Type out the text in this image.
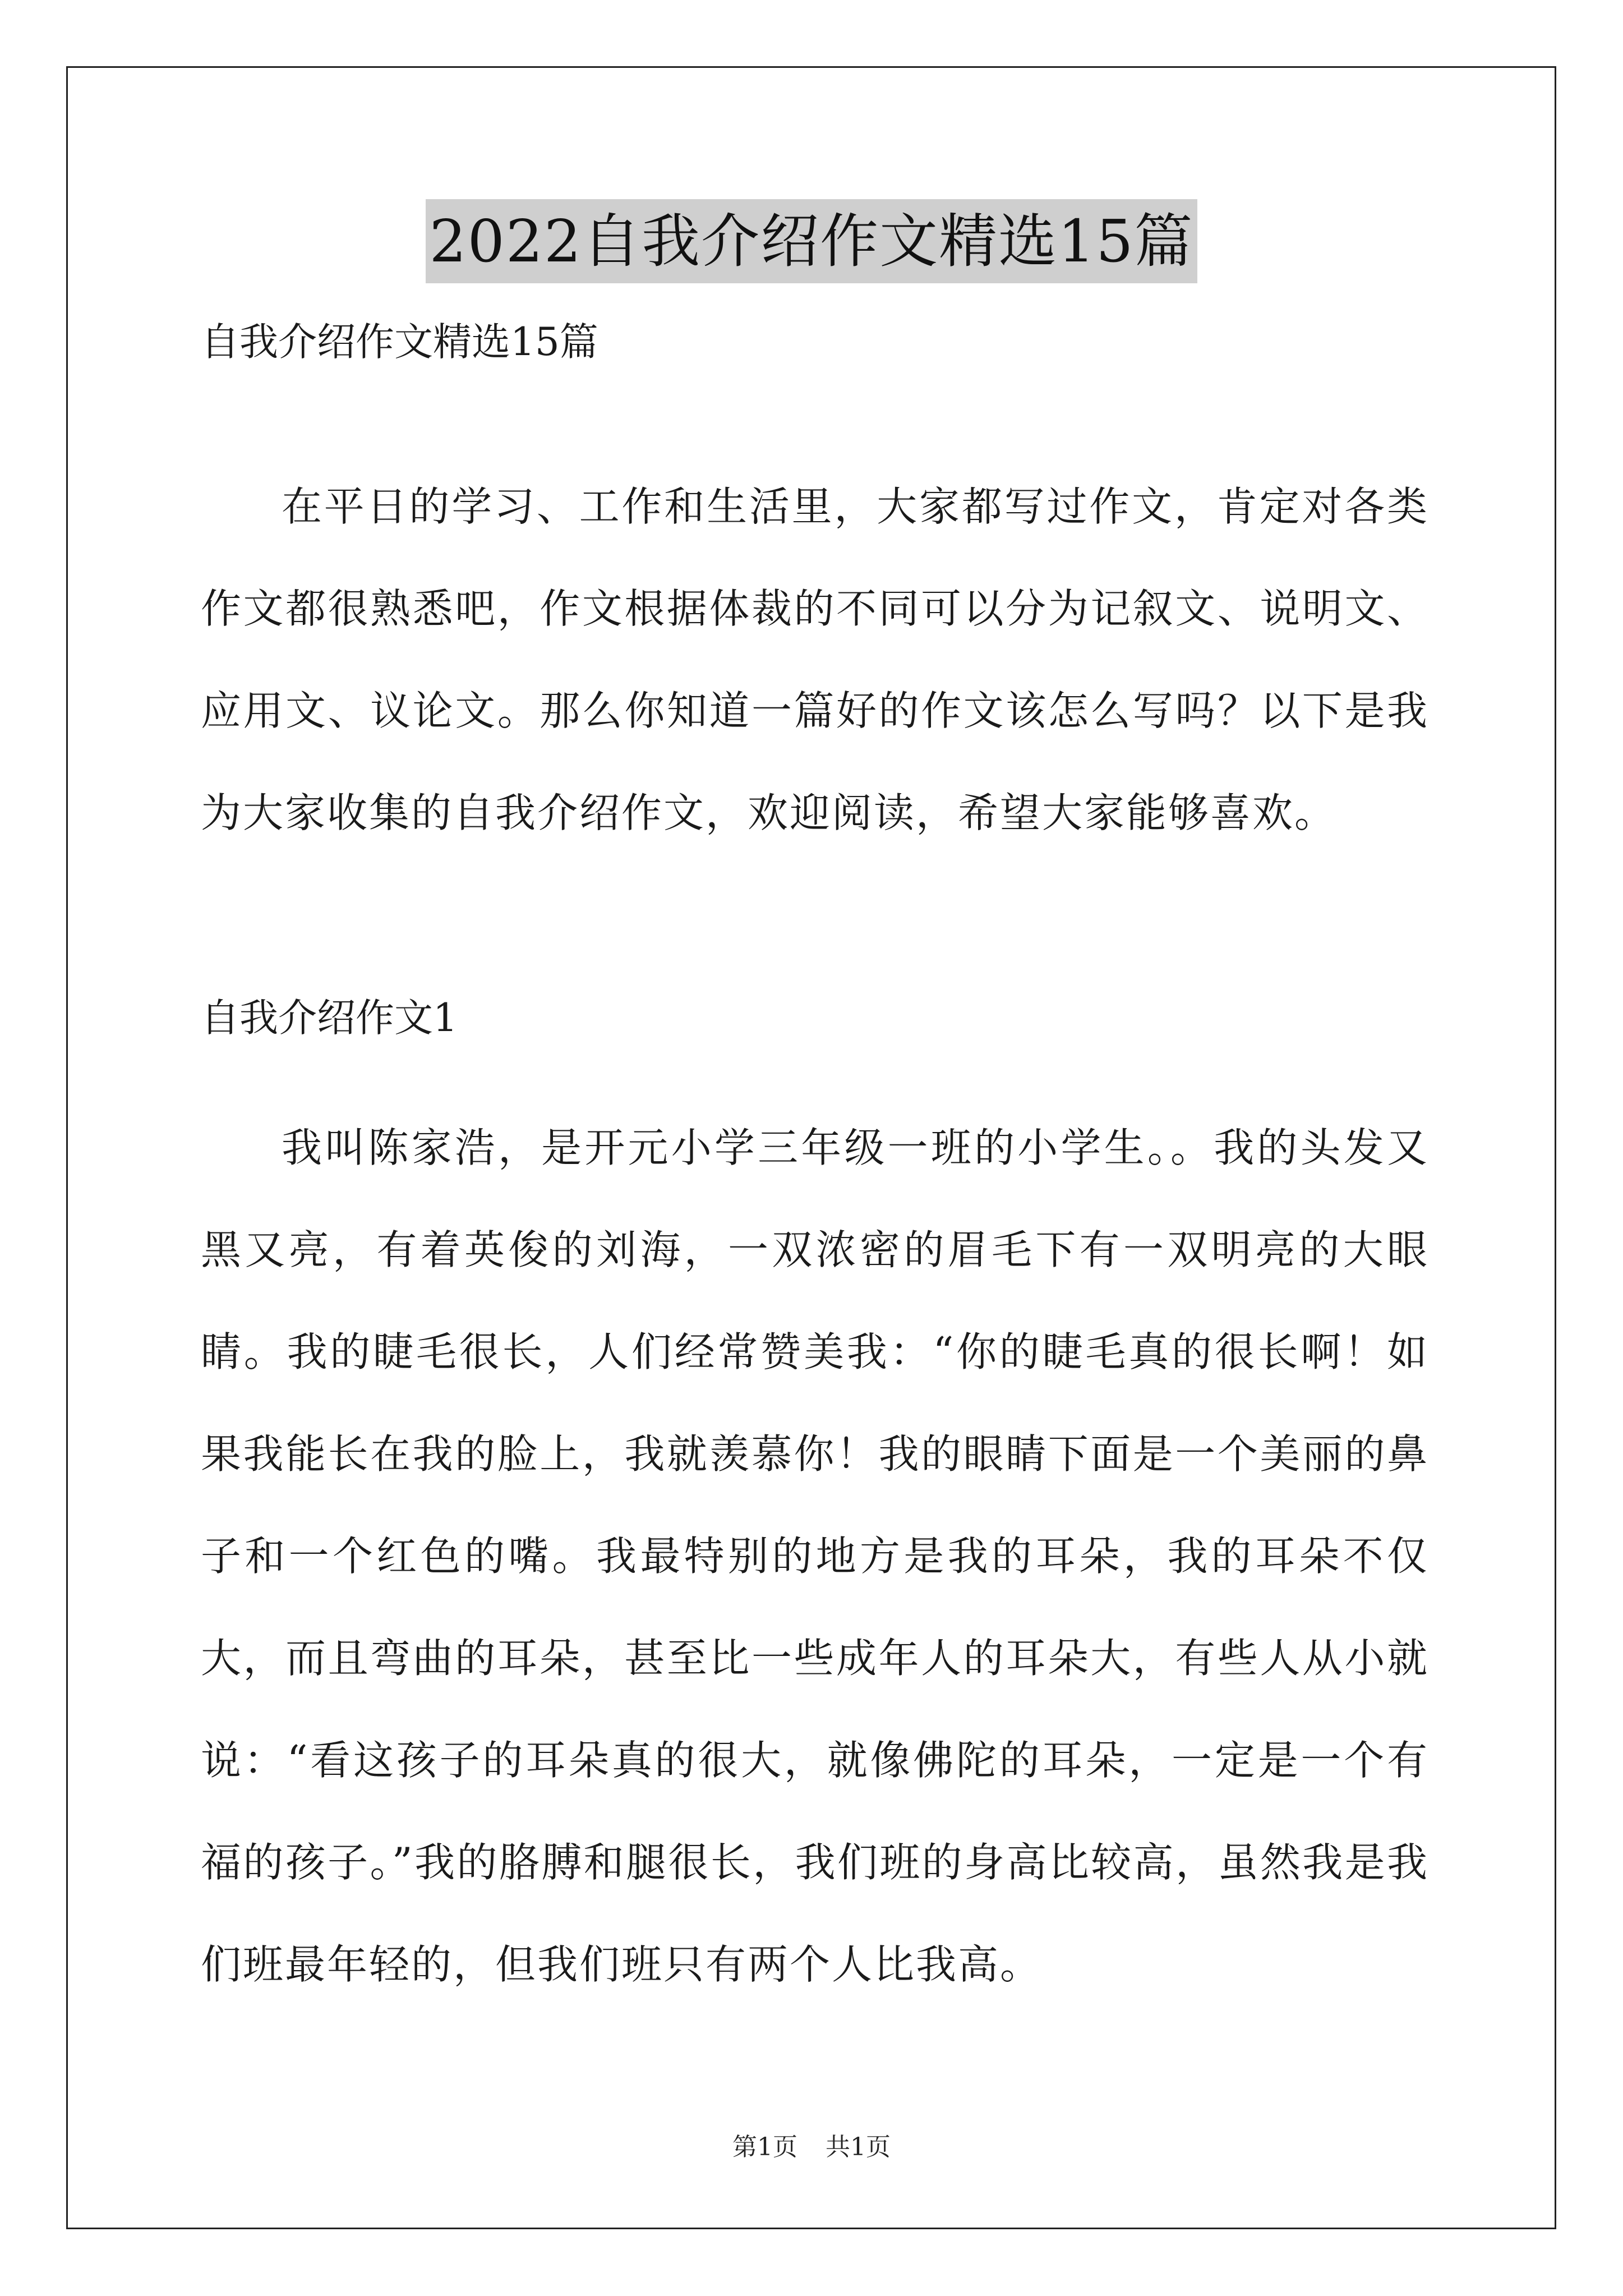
2022自我介绍作文精选15篇
自我介绍作文精选15篇

在平日的学习、工作和生活里，大家都写过作文，肯定对各类作文都很熟悉吧，作文根据体裁的不同可以分为记叙文、说明文、应用文、议论文。那么你知道一篇好的作文该怎么写吗？以下是我为大家收集的自我介绍作文，欢迎阅读，希望大家能够喜欢。

自我介绍作文1

我叫陈家浩，是开元小学三年级一班的小学生。。我的头发又黑又亮，有着英俊的刘海，一双浓密的眉毛下有一双明亮的大眼睛。我的睫毛很长，人们经常赞美我：“你的睫毛真的很长啊！如果我能长在我的脸上，我就羡慕你！我的眼睛下面是一个美丽的鼻子和一个红色的嘴。我最特别的地方是我的耳朵，我的耳朵不仅大，而且弯曲的耳朵，甚至比一些成年人的耳朵大，有些人从小就说：“看这孩子的耳朵真的很大，就像佛陀的耳朵，一定是一个有福的孩子。”我的胳膊和腿很长，我们班的身高比较高，虽然我是我们班最年轻的，但我们班只有两个人比我高。

第1页 共1页
